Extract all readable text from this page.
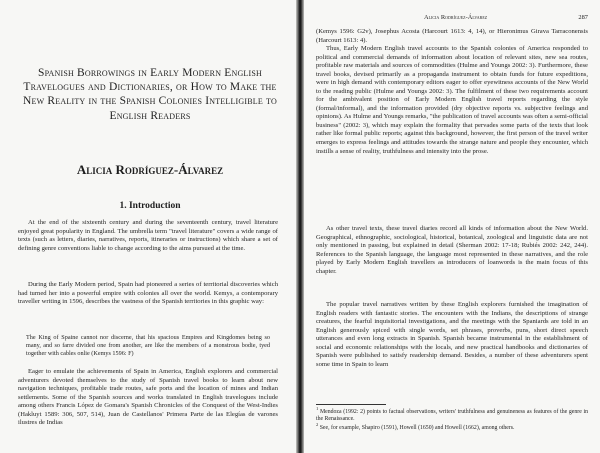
Spanish Borrowings in Early Modern English Travelogues and Dictionaries, or How to Make the New Reality in the Spanish Colonies Intelligible to English Readers
Alicia Rodríguez-Álvarez
1. Introduction

At the end of the sixteenth century and during the seventeenth century, travel literature enjoyed great popularity in England. The umbrella term "travel literature" covers a wide range of texts (such as letters, diaries, narratives, reports, itineraries or instructions) which share a set of defining genre conventions liable to change according to the aims pursued at the time.

During the Early Modern period, Spain had pioneered a series of territorial discoveries which had turned her into a powerful empire with colonies all over the world. Kemys, a contemporary traveller writing in 1596, describes the vastness of the Spanish territories in this graphic way:

The King of Spaine cannot nor discerne, that his spacious Empires and Kingdomes being so many, and so farre divided one from another, are like the members of a monstrous bodie, tyed together with cables onlie (Kemys 1596: F)

Eager to emulate the achievements of Spain in America, English explorers and commercial adventurers devoted themselves to the study of Spanish travel books to learn about new navigation techniques, profitable trade routes, safe ports and the location of mines and Indian settlements. Some of the Spanish sources and works translated in English travelogues include among others Francis López de Gomara's Spanish Chronicles of the Conquest of the West-Indies (Hakluyt 1589: 306, 507, 514), Juan de Castellanos' Primera Parte de las Elegías de varones ilustres de Indias

Alicia Rodríguez-Álvarez	287

(Kemys 1596: G2v), Josephus Acosta (Harcourt 1613: 4, 14), or Hieronimus Girava Tarraconensis (Harcourt 1613: 4).

Thus, Early Modern English travel accounts to the Spanish colonies of America responded to political and commercial demands of information about location of relevant sites, new sea routes, profitable raw materials and sources of commodities (Hulme and Youngs 2002: 3). Furthermore, these travel books, devised primarily as a propaganda instrument to obtain funds for future expeditions, were in high demand with contemporary editors eager to offer eyewitness accounts of the New World to the reading public (Hulme and Youngs 2002: 3). The fulfilment of these two requirements account for the ambivalent position of Early Modern English travel reports regarding the style (formal/informal), and the information provided (dry objective reports vs. subjective feelings and opinions). As Hulme and Youngs remarks, "the publication of travel accounts was often a semi-official business" (2002: 3), which may explain the formality that pervades some parts of the texts that look rather like formal public reports; against this background, however, the first person of the travel writer emerges to express feelings and attitudes towards the strange nature and people they encounter, which instills a sense of reality, truthfulness and intensity into the prose.

As other travel texts, these travel diaries record all kinds of information about the New World. Geographical, ethnographic, sociological, historical, botanical, zoological and linguistic data are not only mentioned in passing, but explained in detail (Sherman 2002: 17-18; Rubiés 2002: 242, 244). References to the Spanish language, the language most represented in these narratives, and the role played by Early Modern English travellers as introducers of loanwords is the main focus of this chapter.

The popular travel narratives written by these English explorers furnished the imagination of English readers with fantastic stories. The encounters with the Indians, the descriptions of strange creatures, the fearful inquisitorial investigations, and the meetings with the Spaniards are told in an English generously spiced with single words, set phrases, proverbs, puns, short direct speech utterances and even long extracts in Spanish. Spanish became instrumental in the establishment of social and economic relationships with the locals, and new practical handbooks and dictionaries of Spanish were published to satisfy readership demand. Besides, a number of these adventurers spent some time in Spain to learn

$^1$ Mendoza (1992: 2) points to factual observations, writers' truthfulness and genuineness as features of the genre in the Renaissance.

$^2$ See, for example, Shapiro (1591), Howell (1650) and Howell (1662), among others.
